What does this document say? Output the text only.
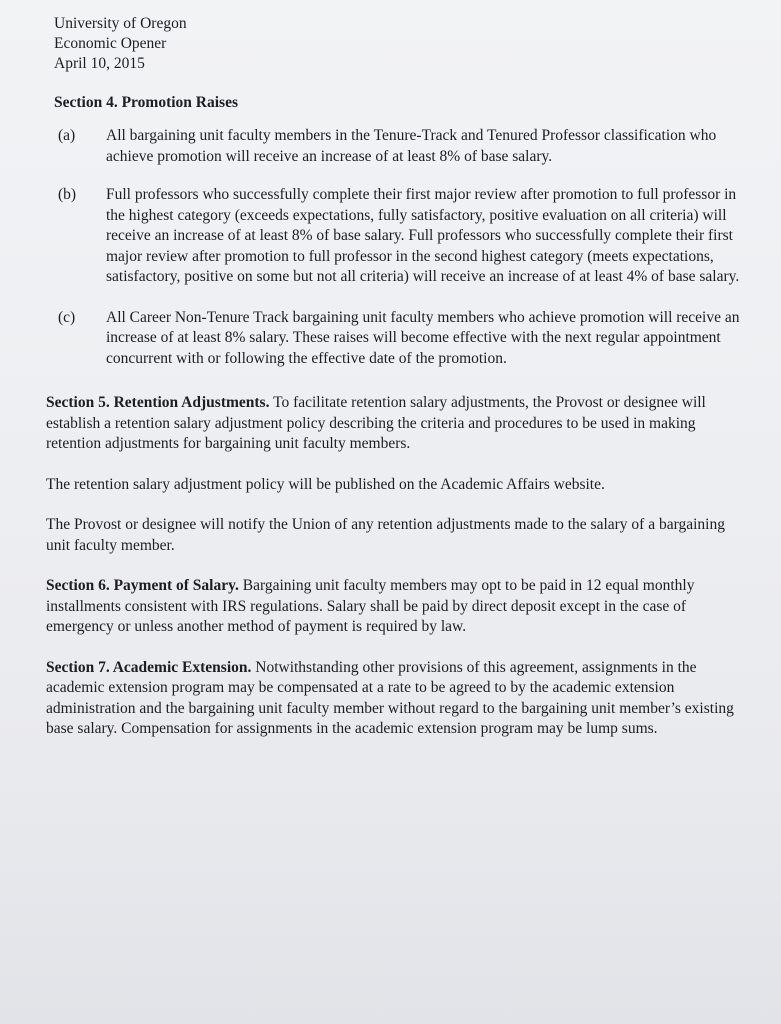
University of Oregon
Economic Opener
April 10, 2015
Section 4. Promotion Raises
(a)	All bargaining unit faculty members in the Tenure-Track and Tenured Professor classification who achieve promotion will receive an increase of at least 8% of base salary.
(b)	Full professors who successfully complete their first major review after promotion to full professor in the highest category (exceeds expectations, fully satisfactory, positive evaluation on all criteria) will receive an increase of at least 8% of base salary. Full professors who successfully complete their first major review after promotion to full professor in the second highest category (meets expectations, satisfactory, positive on some but not all criteria) will receive an increase of at least 4% of base salary.
(c)	All Career Non-Tenure Track bargaining unit faculty members who achieve promotion will receive an increase of at least 8% salary. These raises will become effective with the next regular appointment concurrent with or following the effective date of the promotion.
Section 5. Retention Adjustments. To facilitate retention salary adjustments, the Provost or designee will establish a retention salary adjustment policy describing the criteria and procedures to be used in making retention adjustments for bargaining unit faculty members.
The retention salary adjustment policy will be published on the Academic Affairs website.
The Provost or designee will notify the Union of any retention adjustments made to the salary of a bargaining unit faculty member.
Section 6. Payment of Salary. Bargaining unit faculty members may opt to be paid in 12 equal monthly installments consistent with IRS regulations. Salary shall be paid by direct deposit except in the case of emergency or unless another method of payment is required by law.
Section 7. Academic Extension. Notwithstanding other provisions of this agreement, assignments in the academic extension program may be compensated at a rate to be agreed to by the academic extension administration and the bargaining unit faculty member without regard to the bargaining unit member’s existing base salary. Compensation for assignments in the academic extension program may be lump sums.
